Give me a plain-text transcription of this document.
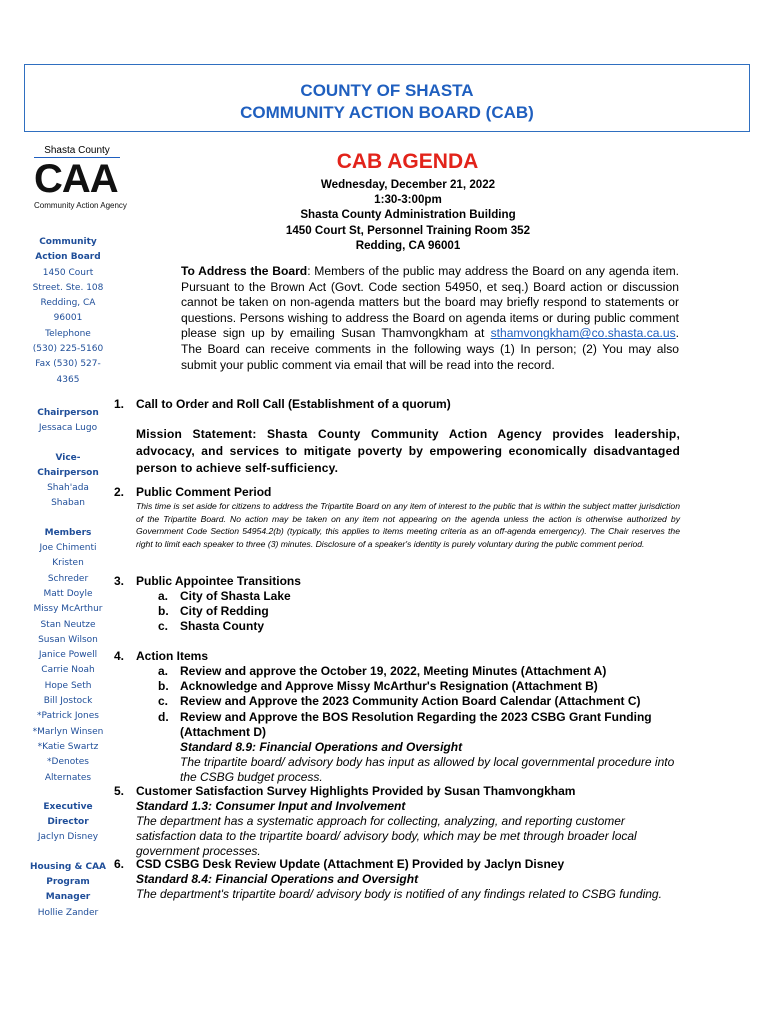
COUNTY OF SHASTA
COMMUNITY ACTION BOARD (CAB)
Shasta County
CAA
Community Action Agency
Community
Action Board
1450 Court
Street. Ste. 108
Redding, CA
96001
Telephone
(530) 225-5160
Fax (530) 527-
4365
Chairperson
Jessaca Lugo
Vice-
Chairperson
Shah'ada
Shaban
Members
Joe Chimenti
Kristen
Schreder
Matt Doyle
Missy McArthur
Stan Neutze
Susan Wilson
Janice Powell
Carrie Noah
Hope Seth
Bill Jostock
*Patrick Jones
*Marlyn Winsen
*Katie Swartz
*Denotes
Alternates
Executive
Director
Jaclyn Disney
Housing & CAA
Program
Manager
Hollie Zander
CAB AGENDA
Wednesday, December 21, 2022
1:30-3:00pm
Shasta County Administration Building
1450 Court St, Personnel Training Room 352
Redding, CA 96001
To Address the Board: Members of the public may address the Board on any agenda item. Pursuant to the Brown Act (Govt. Code section 54950, et seq.) Board action or discussion cannot be taken on non-agenda matters but the board may briefly respond to statements or questions. Persons wishing to address the Board on agenda items or during public comment please sign up by emailing Susan Thamvongkham at sthamvongkham@co.shasta.ca.us. The Board can receive comments in the following ways (1) In person; (2) You may also submit your public comment via email that will be read into the record.
1. Call to Order and Roll Call (Establishment of a quorum)
Mission Statement: Shasta County Community Action Agency provides leadership, advocacy, and services to mitigate poverty by empowering economically disadvantaged person to achieve self-sufficiency.
2. Public Comment Period
This time is set aside for citizens to address the Tripartite Board on any item of interest to the public that is within the subject matter jurisdiction of the Tripartite Board. No action may be taken on any item not appearing on the agenda unless the action is otherwise authorized by Government Code Section 54954.2(b) (typically, this applies to items meeting criteria as an off-agenda emergency). The Chair reserves the right to limit each speaker to three (3) minutes. Disclosure of a speaker's identity is purely voluntary during the public comment period.
3. Public Appointee Transitions
a. City of Shasta Lake
b. City of Redding
c. Shasta County
4. Action Items
a. Review and approve the October 19, 2022, Meeting Minutes (Attachment A)
b. Acknowledge and Approve Missy McArthur's Resignation (Attachment B)
c. Review and Approve the 2023 Community Action Board Calendar (Attachment C)
d. Review and Approve the BOS Resolution Regarding the 2023 CSBG Grant Funding (Attachment D)
Standard 8.9: Financial Operations and Oversight
The tripartite board/ advisory body has input as allowed by local governmental procedure into the CSBG budget process.
5. Customer Satisfaction Survey Highlights Provided by Susan Thamvongkham
Standard 1.3: Consumer Input and Involvement
The department has a systematic approach for collecting, analyzing, and reporting customer satisfaction data to the tripartite board/ advisory body, which may be met through broader local government processes.
6. CSD CSBG Desk Review Update (Attachment E) Provided by Jaclyn Disney
Standard 8.4: Financial Operations and Oversight
The department's tripartite board/ advisory body is notified of any findings related to CSBG funding.
